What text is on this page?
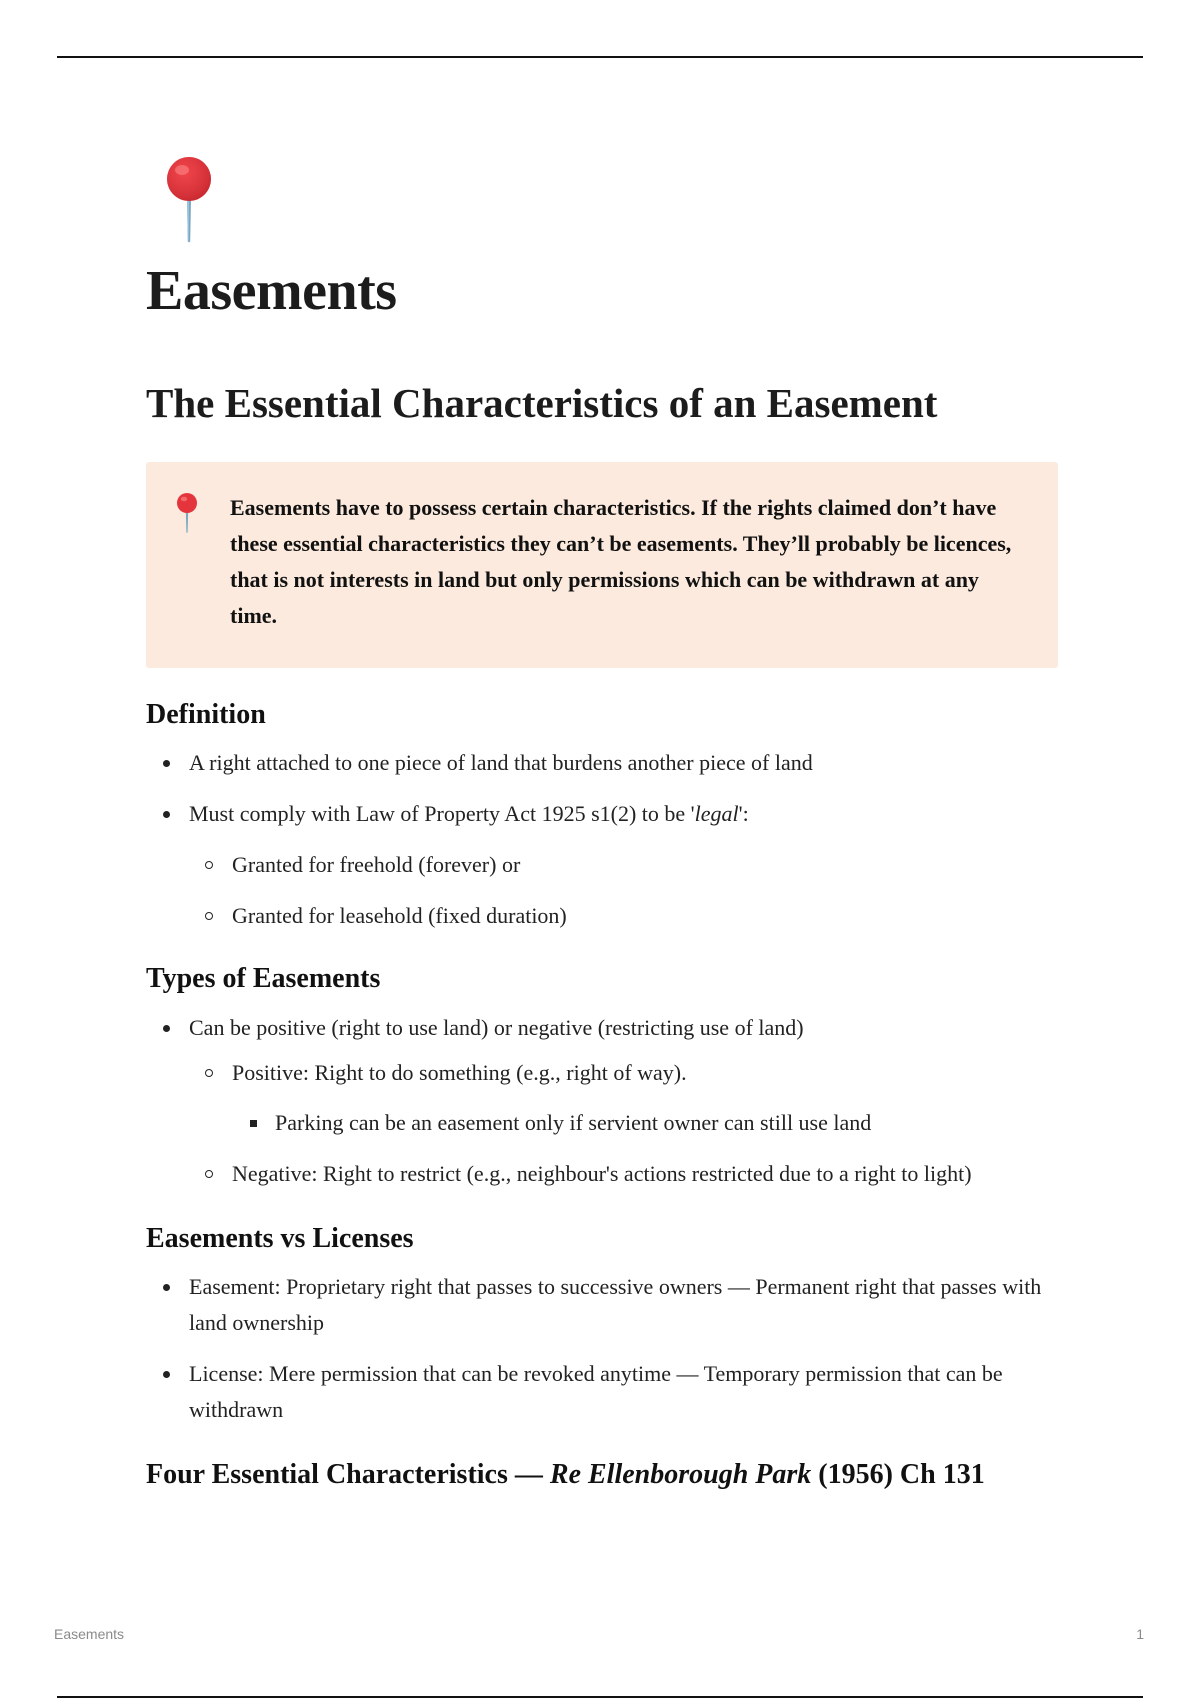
Easements
The Essential Characteristics of an Easement
Easements have to possess certain characteristics. If the rights claimed don’t have these essential characteristics they can’t be easements. They’ll probably be licences, that is not interests in land but only permissions which can be withdrawn at any time.
Definition
A right attached to one piece of land that burdens another piece of land
Must comply with Law of Property Act 1925 s1(2) to be 'legal':
Granted for freehold (forever) or
Granted for leasehold (fixed duration)
Types of Easements
Can be positive (right to use land) or negative (restricting use of land)
Positive: Right to do something (e.g., right of way).
Parking can be an easement only if servient owner can still use land
Negative: Right to restrict (e.g., neighbour's actions restricted due to a right to light)
Easements vs Licenses
Easement: Proprietary right that passes to successive owners — Permanent right that passes with land ownership
License: Mere permission that can be revoked anytime — Temporary permission that can be withdrawn
Four Essential Characteristics — Re Ellenborough Park (1956) Ch 131
Easements	1
